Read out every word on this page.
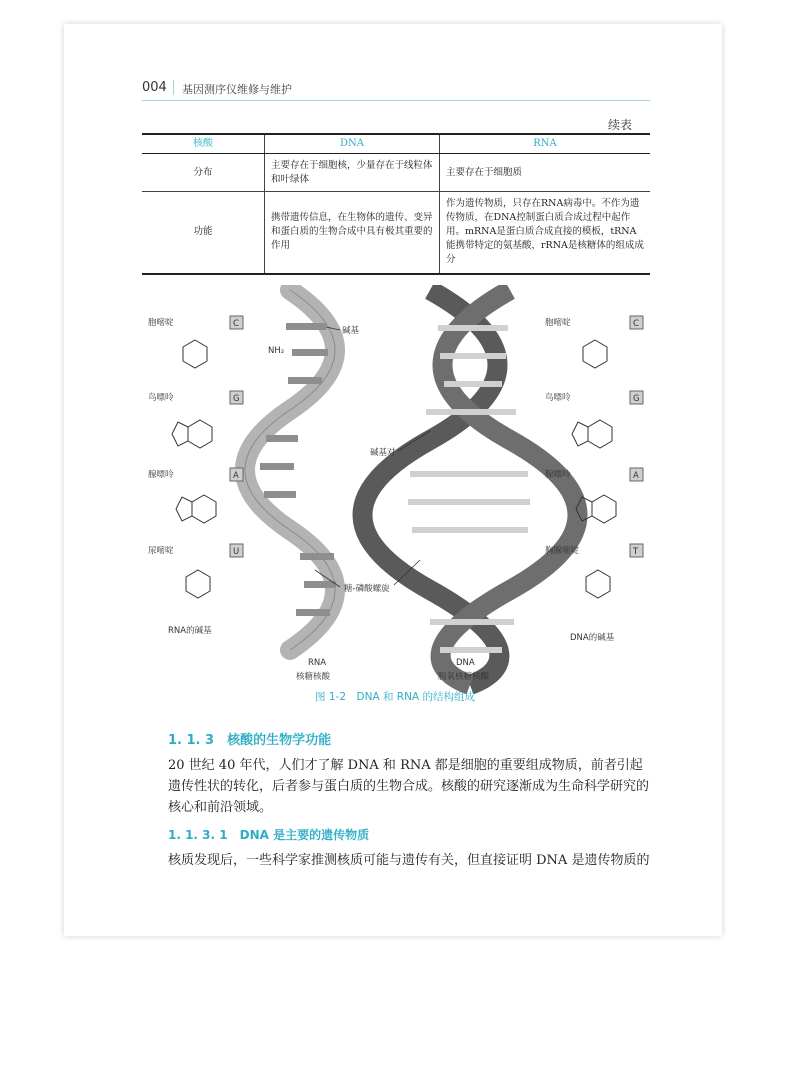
004	基因测序仪维修与维护
续表
核酸	DNA	RNA
分布	主要存在于细胞核，少量存在于线粒体和叶绿体	主要存在于细胞质
功能	携带遗传信息，在生物体的遗传、变异和蛋白质的生物合成中具有极其重要的作用	作为遗传物质，只存在RNA病毒中。不作为遗传物质，在DNA控制蛋白质合成过程中起作用。mRNA是蛋白质合成直接的模板，tRNA能携带特定的氨基酸，rRNA是核糖体的组成成分
胞嘧啶
鸟嘌呤
腺嘌呤
尿嘧啶
C
G
A
U
RNA的碱基
胞嘧啶
鸟嘌呤
腺嘌呤
胸腺嘧啶
C
G
A
T
DNA的碱基
碱基
NH₂
碱基对
糖-磷酸螺旋
RNA
核糖核酸
DNA
脱氧核糖核酸
图 1-2　DNA 和 RNA 的结构组成
1. 1. 3　核酸的生物学功能
20 世纪 40 年代，人们才了解 DNA 和 RNA 都是细胞的重要组成物质，前者引起遗传性状的转化，后者参与蛋白质的生物合成。核酸的研究逐渐成为生命科学研究的核心和前沿领域。
1. 1. 3. 1　DNA 是主要的遗传物质
核质发现后，一些科学家推测核质可能与遗传有关，但直接证明 DNA 是遗传物质的
